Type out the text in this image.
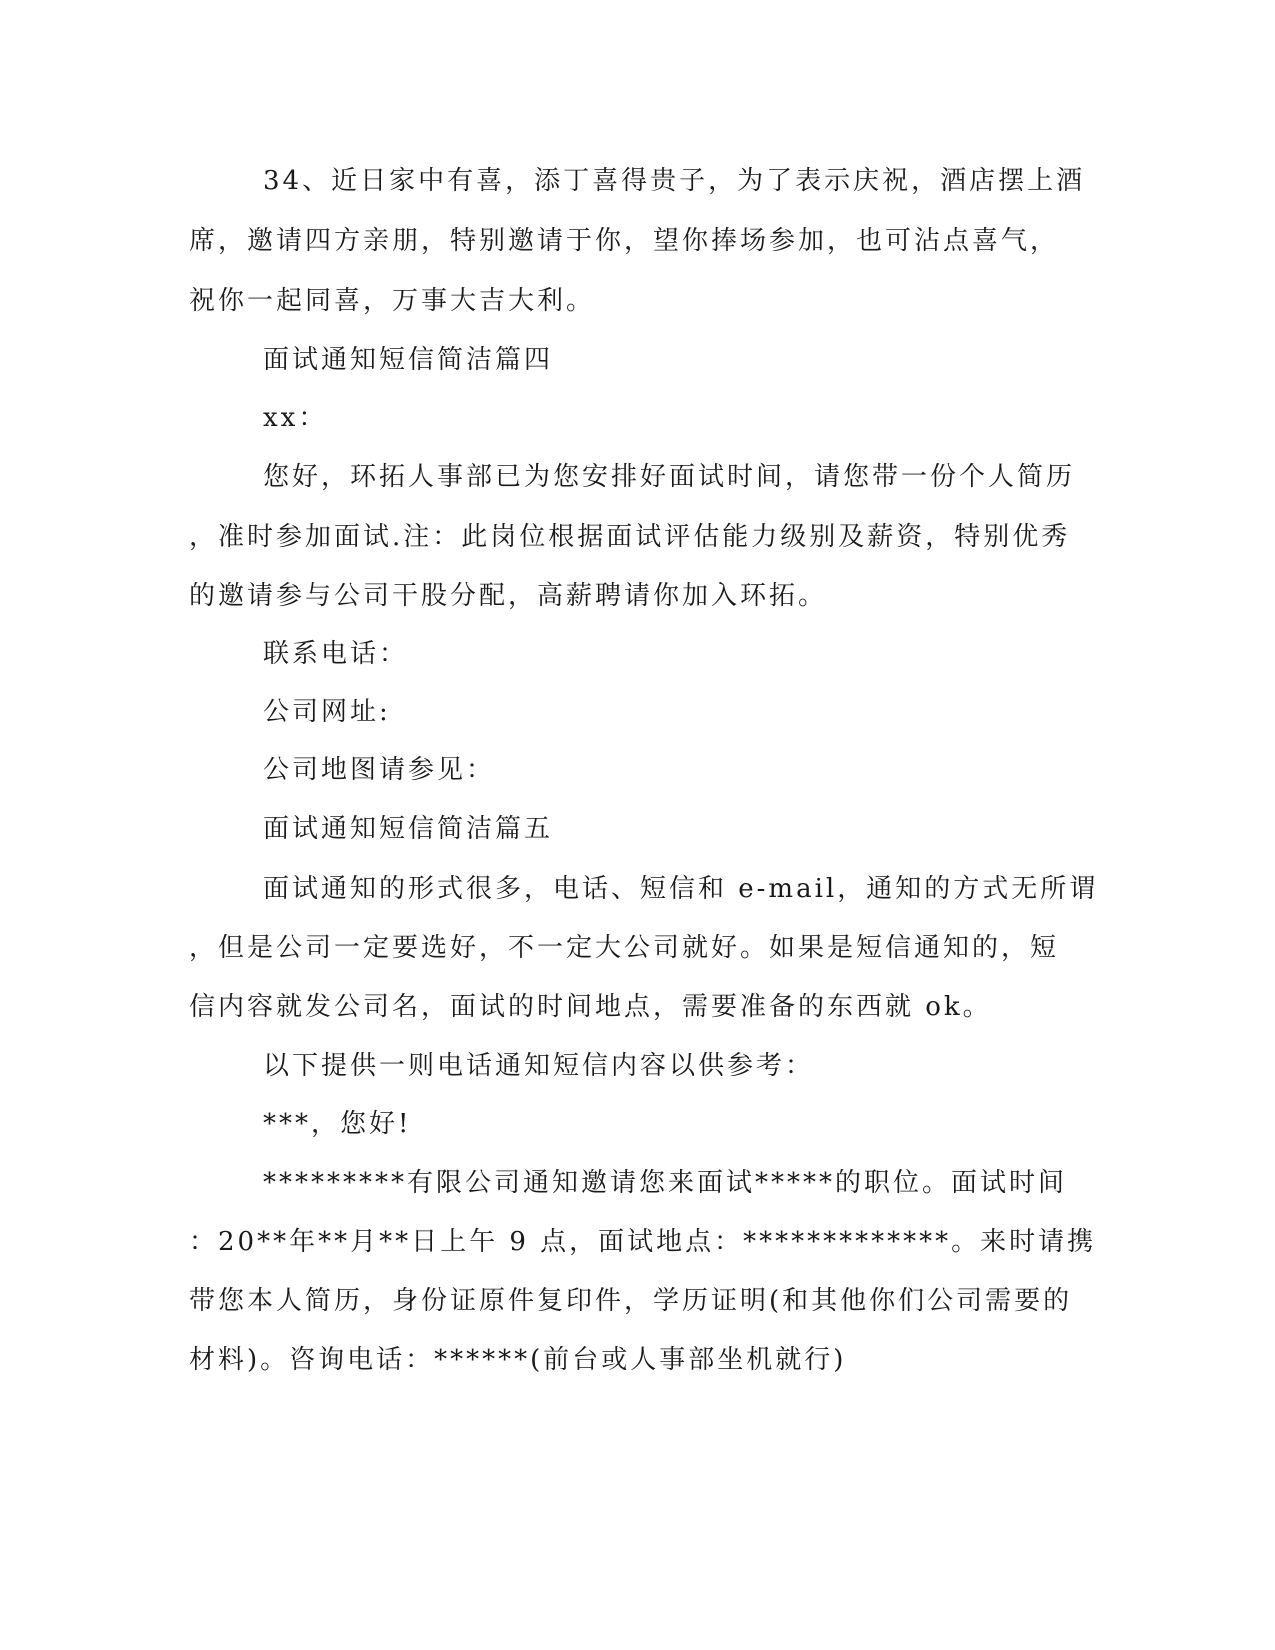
34、近日家中有喜，添丁喜得贵子，为了表示庆祝，酒店摆上酒
席，邀请四方亲朋，特别邀请于你，望你捧场参加，也可沾点喜气，
祝你一起同喜，万事大吉大利。
面试通知短信简洁篇四
xx：
您好，环拓人事部已为您安排好面试时间，请您带一份个人简历
，准时参加面试.注：此岗位根据面试评估能力级别及薪资，特别优秀
的邀请参与公司干股分配，高薪聘请你加入环拓。
联系电话：
公司网址:
公司地图请参见：
面试通知短信简洁篇五
面试通知的形式很多，电话、短信和 e-mail，通知的方式无所谓
，但是公司一定要选好，不一定大公司就好。如果是短信通知的，短
信内容就发公司名，面试的时间地点，需要准备的东西就 ok。
以下提供一则电话通知短信内容以供参考：
***，您好!
*********有限公司通知邀请您来面试*****的职位。面试时间
：20**年**月**日上午 9 点，面试地点：*************。来时请携
带您本人简历，身份证原件复印件，学历证明(和其他你们公司需要的
材料)。咨询电话：******(前台或人事部坐机就行)
